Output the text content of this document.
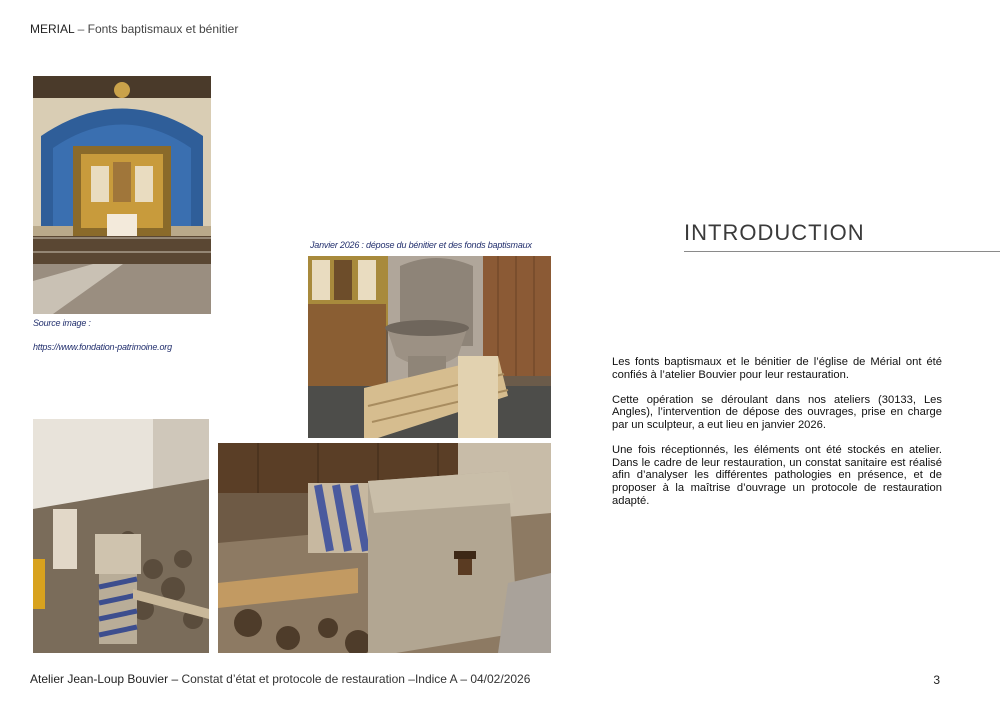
MERIAL – Fonts baptismaux et bénitier
Source image :
https://www.fondation-patrimoine.org
Janvier 2026 : dépose du bénitier et des fonds baptismaux	INTRODUCTION

Les fonts baptismaux et le bénitier de l’église de Mérial ont été confiés à l’atelier Bouvier pour leur restauration.

Cette opération se déroulant dans nos ateliers (30133, Les Angles), l’intervention de dépose des ouvrages, prise en charge par un sculpteur, a eut lieu en janvier 2026.

Une fois réceptionnés, les éléments ont été stockés en atelier. Dans le cadre de leur restauration, un constat sanitaire est réalisé afin d’analyser les différentes pathologies en présence, et de proposer à la maîtrise d’ouvrage un protocole de restauration adapté.

Atelier Jean-Loup Bouvier – Constat d’état et protocole de restauration –Indice A – 04/02/2026	3
